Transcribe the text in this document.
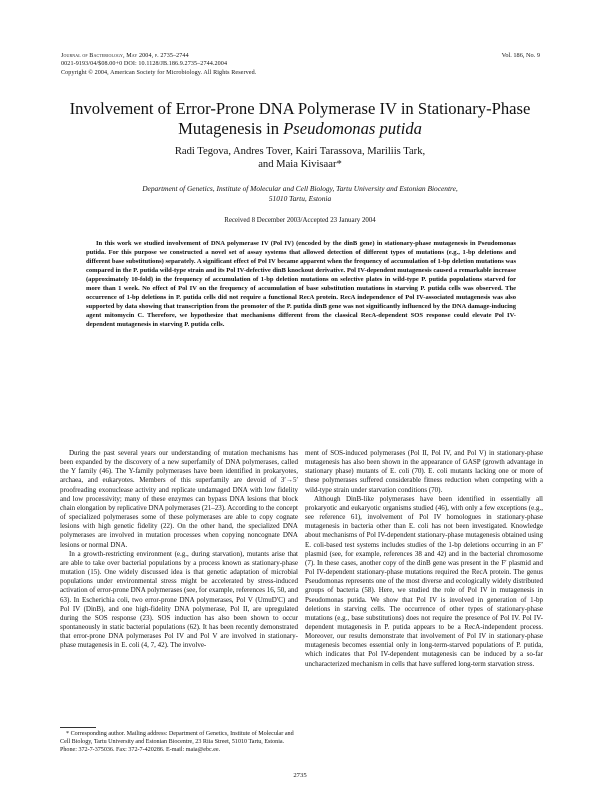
Journal of Bacteriology, May 2004, p. 2735–2744
0021-9193/04/$08.00+0 DOI: 10.1128/JB.186.9.2735–2744.2004
Copyright © 2004, American Society for Microbiology. All Rights Reserved.
Vol. 186, No. 9
Involvement of Error-Prone DNA Polymerase IV in Stationary-Phase
Mutagenesis in Pseudomonas putida
Radi Tegova, Andres Tover, Kairi Tarassova, Mariliis Tark,
and Maia Kivisaar*
Department of Genetics, Institute of Molecular and Cell Biology, Tartu University and Estonian Biocentre,
51010 Tartu, Estonia
Received 8 December 2003/Accepted 23 January 2004
In this work we studied involvement of DNA polymerase IV (Pol IV) (encoded by the dinB gene) in stationary-phase mutagenesis in Pseudomonas putida. For this purpose we constructed a novel set of assay systems that allowed detection of different types of mutations (e.g., 1-bp deletions and different base substitutions) separately. A significant effect of Pol IV became apparent when the frequency of accumulation of 1-bp deletion mutations was compared in the P. putida wild-type strain and its Pol IV-defective dinB knockout derivative. Pol IV-dependent mutagenesis caused a remarkable increase (approximately 10-fold) in the frequency of accumulation of 1-bp deletion mutations on selective plates in wild-type P. putida populations starved for more than 1 week. No effect of Pol IV on the frequency of accumulation of base substitution mutations in starving P. putida cells was observed. The occurrence of 1-bp deletions in P. putida cells did not require a functional RecA protein. RecA independence of Pol IV-associated mutagenesis was also supported by data showing that transcription from the promoter of the P. putida dinB gene was not significantly influenced by the DNA damage-inducing agent mitomycin C. Therefore, we hypothesize that mechanisms different from the classical RecA-dependent SOS response could elevate Pol IV-dependent mutagenesis in starving P. putida cells.

During the past several years our understanding of mutation mechanisms has been expanded by the discovery of a new superfamily of DNA polymerases, called the Y family (46). The Y-family polymerases have been identified in prokaryotes, archaea, and eukaryotes. Members of this superfamily are devoid of 3′→5′ proofreading exonuclease activity and replicate undamaged DNA with low fidelity and low processivity; many of these enzymes can bypass DNA lesions that block chain elongation by replicative DNA polymerases (21–23). According to the concept of specialized polymerases some of these polymerases are able to copy cognate lesions with high genetic fidelity (22). On the other hand, the specialized DNA polymerases are involved in mutation processes when copying noncognate DNA lesions or normal DNA.

In a growth-restricting environment (e.g., during starvation), mutants arise that are able to take over bacterial populations by a process known as stationary-phase mutation (15). One widely discussed idea is that genetic adaptation of microbial populations under environmental stress might be accelerated by stress-induced activation of error-prone DNA polymerases (see, for example, references 16, 50, and 63). In Escherichia coli, two error-prone DNA polymerases, Pol V (UmuD′C) and Pol IV (DinB), and one high-fidelity DNA polymerase, Pol II, are upregulated during the SOS response (23). SOS induction has also been shown to occur spontaneously in static bacterial populations (62). It has been recently demonstrated that error-prone DNA polymerases Pol IV and Pol V are involved in stationary-phase mutagenesis in E. coli (4, 7, 42). The involve-

ment of SOS-induced polymerases (Pol II, Pol IV, and Pol V) in stationary-phase mutagenesis has also been shown in the appearance of GASP (growth advantage in stationary phase) mutants of E. coli (70). E. coli mutants lacking one or more of these polymerases suffered considerable fitness reduction when competing with a wild-type strain under starvation conditions (70).

Although DinB-like polymerases have been identified in essentially all prokaryotic and eukaryotic organisms studied (46), with only a few exceptions (e.g., see reference 61), involvement of Pol IV homologues in stationary-phase mutagenesis in bacteria other than E. coli has not been investigated. Knowledge about mechanisms of Pol IV-dependent stationary-phase mutagenesis obtained using E. coli-based test systems includes studies of the 1-bp deletions occurring in an F′ plasmid (see, for example, references 38 and 42) and in the bacterial chromosome (7). In these cases, another copy of the dinB gene was present in the F′ plasmid and Pol IV-dependent stationary-phase mutations required the RecA protein. The genus Pseudomonas represents one of the most diverse and ecologically widely distributed groups of bacteria (58). Here, we studied the role of Pol IV in mutagenesis in Pseudomonas putida. We show that Pol IV is involved in generation of 1-bp deletions in starving cells. The occurrence of other types of stationary-phase mutations (e.g., base substitutions) does not require the presence of Pol IV. Pol IV-dependent mutagenesis in P. putida appears to be a RecA-independent process. Moreover, our results demonstrate that involvement of Pol IV in stationary-phase mutagenesis becomes essential only in long-term-starved populations of P. putida, which indicates that Pol IV-dependent mutagenesis can be induced by a so-far uncharacterized mechanism in cells that have suffered long-term starvation stress.

* Corresponding author. Mailing address: Department of Genetics, Institute of Molecular and Cell Biology, Tartu University and Estonian Biocentre, 23 Riia Street, 51010 Tartu, Estonia. Phone: 372-7-375036. Fax: 372-7-420286. E-mail: maia@ebc.ee.
2735
